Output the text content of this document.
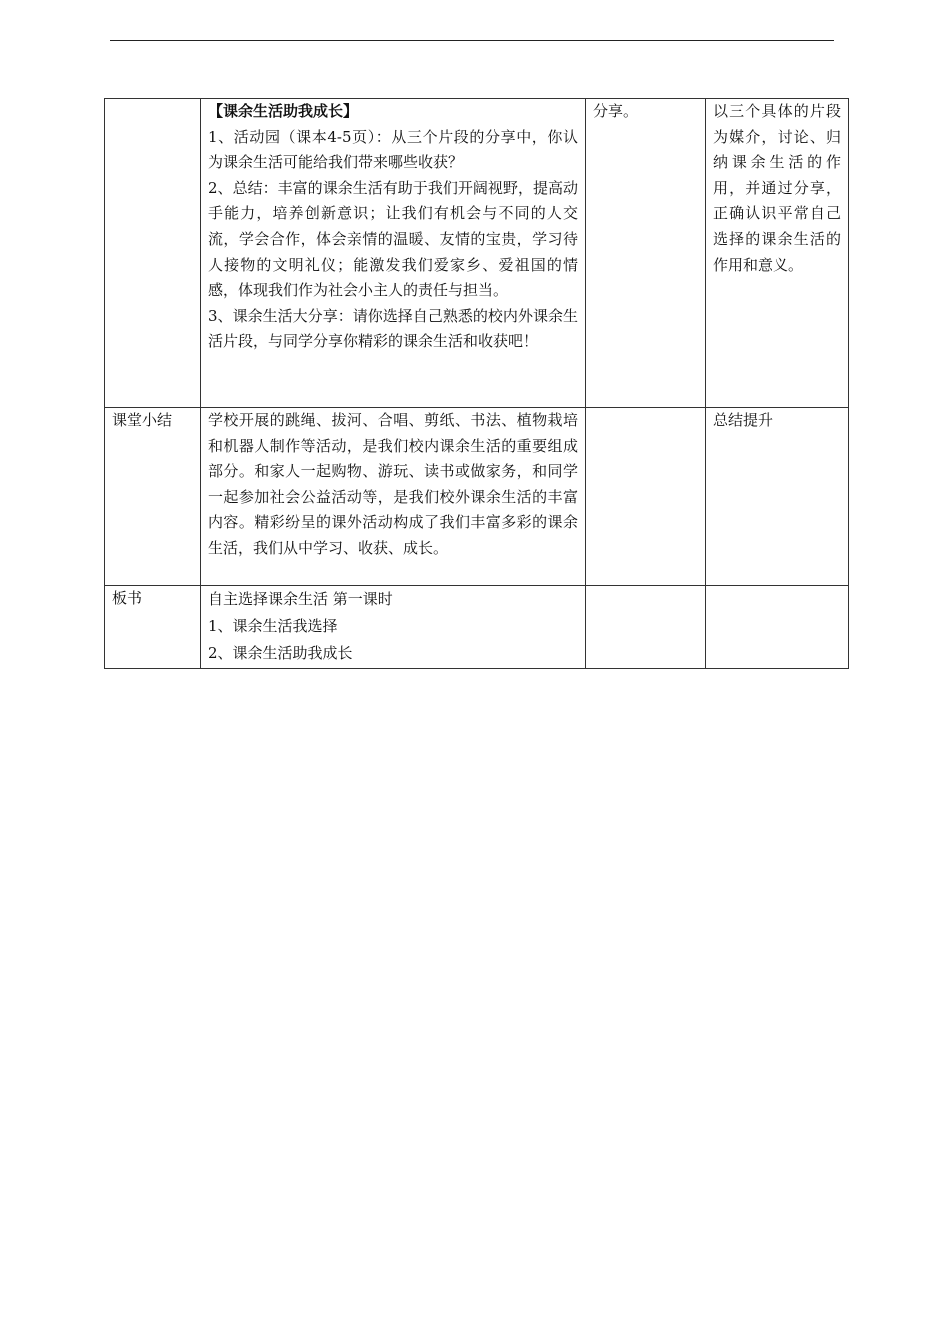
	【课余生活助我成长】
1、活动园（课本4-5页）：从三个片段的分享中，你认为课余生活可能给我们带来哪些收获？
2、总结：丰富的课余生活有助于我们开阔视野，提高动手能力，培养创新意识；让我们有机会与不同的人交流，学会合作，体会亲情的温暖、友情的宝贵，学习待人接物的文明礼仪；能激发我们爱家乡、爱祖国的情感，体现我们作为社会小主人的责任与担当。
3、课余生活大分享：请你选择自己熟悉的校内外课余生活片段，与同学分享你精彩的课余生活和收获吧！	分享。	以三个具体的片段为媒介，讨论、归纳课余生活的作用，并通过分享，正确认识平常自己选择的课余生活的作用和意义。
课堂小结	学校开展的跳绳、拔河、合唱、剪纸、书法、植物栽培和机器人制作等活动，是我们校内课余生活的重要组成部分。和家人一起购物、游玩、读书或做家务，和同学一起参加社会公益活动等，是我们校外课余生活的丰富内容。精彩纷呈的课外活动构成了我们丰富多彩的课余生活，我们从中学习、收获、成长。		总结提升
板书	自主选择课余生活 第一课时
1、课余生活我选择
2、课余生活助我成长		
